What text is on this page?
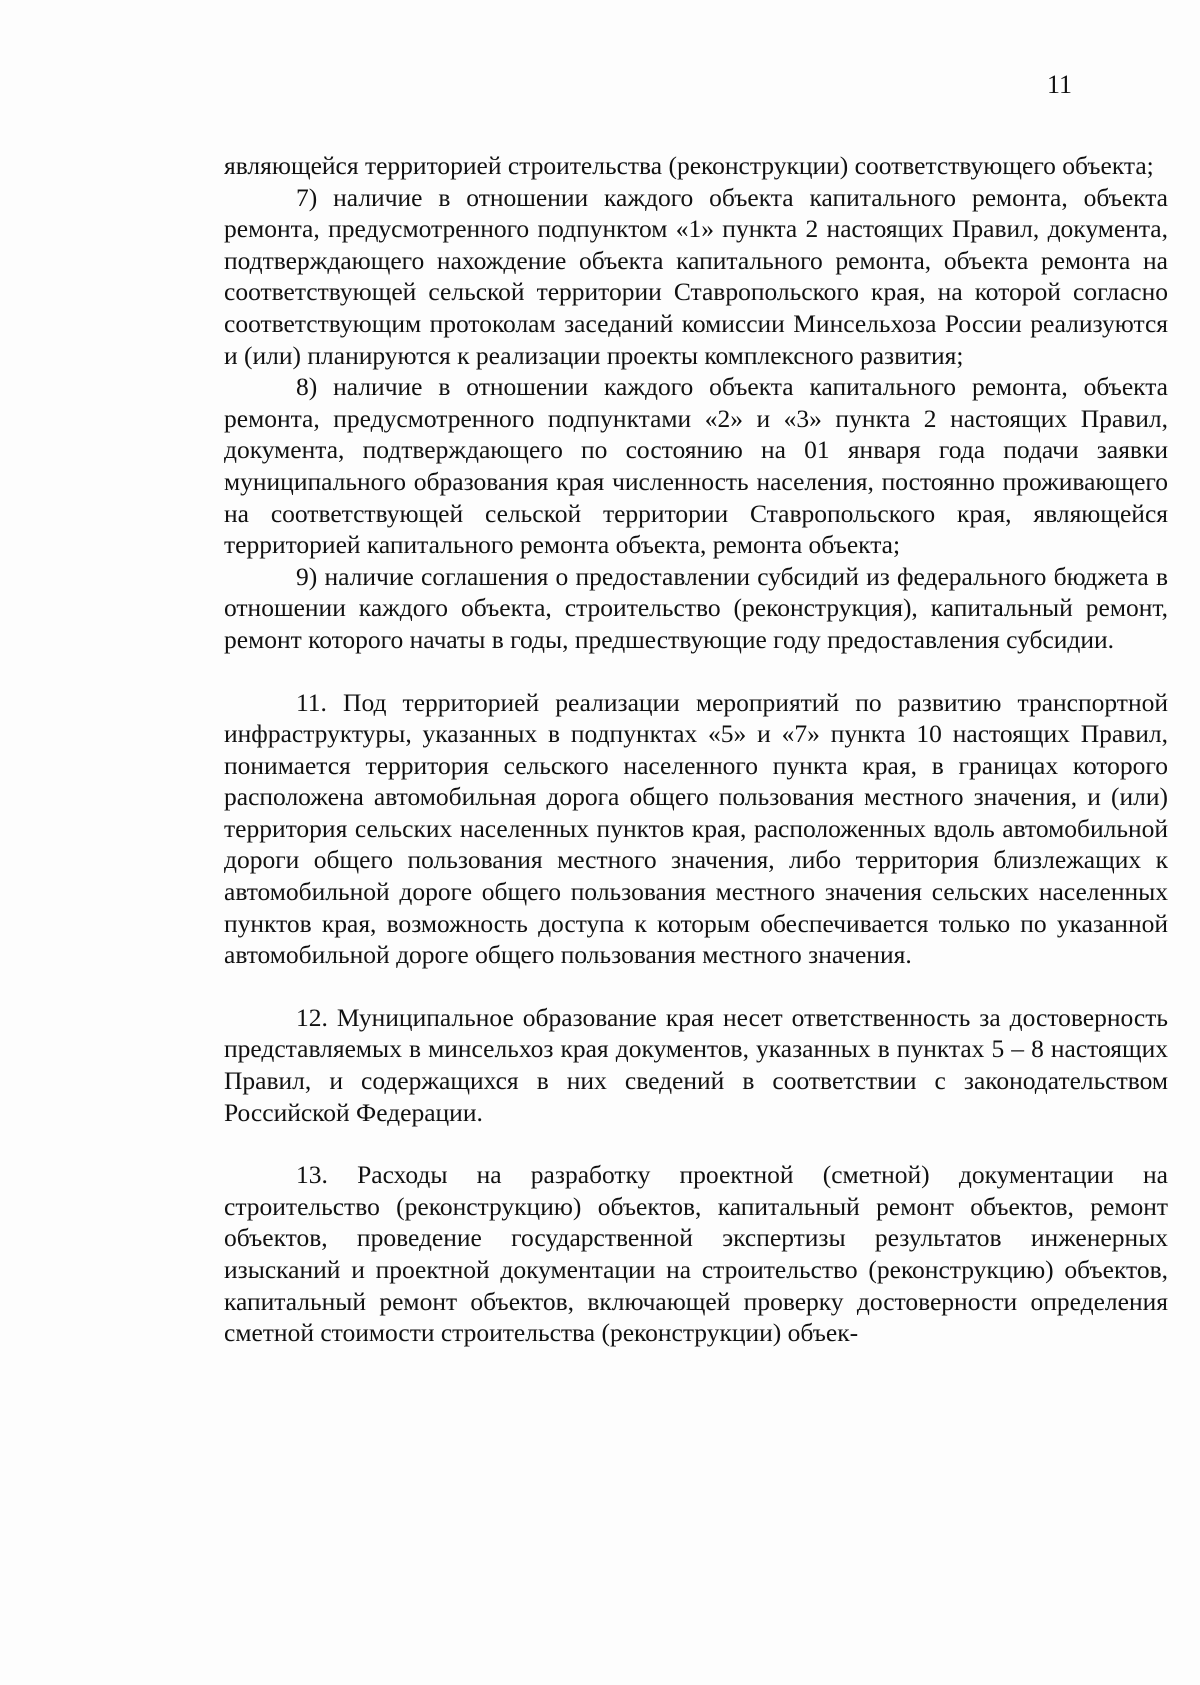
11

являющейся территорией строительства (реконструкции) соответствующего объекта;

7) наличие в отношении каждого объекта капитального ремонта, объекта ремонта, предусмотренного подпунктом «1» пункта 2 настоящих Правил, документа, подтверждающего нахождение объекта капитального ремонта, объекта ремонта на соответствующей сельской территории Ставропольского края, на которой согласно соответствующим протоколам заседаний комиссии Минсельхоза России реализуются и (или) планируются к реализации проекты комплексного развития;

8) наличие в отношении каждого объекта капитального ремонта, объекта ремонта, предусмотренного подпунктами «2» и «3» пункта 2 настоящих Правил, документа, подтверждающего по состоянию на 01 января года подачи заявки муниципального образования края численность населения, постоянно проживающего на соответствующей сельской территории Ставропольского края, являющейся территорией капитального ремонта объекта, ремонта объекта;

9) наличие соглашения о предоставлении субсидий из федерального бюджета в отношении каждого объекта, строительство (реконструкция), капитальный ремонт, ремонт которого начаты в годы, предшествующие году предоставления субсидии.

11. Под территорией реализации мероприятий по развитию транспортной инфраструктуры, указанных в подпунктах «5» и «7» пункта 10 настоящих Правил, понимается территория сельского населенного пункта края, в границах которого расположена автомобильная дорога общего пользования местного значения, и (или) территория сельских населенных пунктов края, расположенных вдоль автомобильной дороги общего пользования местного значения, либо территория близлежащих к автомобильной дороге общего пользования местного значения сельских населенных пунктов края, возможность доступа к которым обеспечивается только по указанной автомобильной дороге общего пользования местного значения.

12. Муниципальное образование края несет ответственность за достоверность представляемых в минсельхоз края документов, указанных в пунктах 5 – 8 настоящих Правил, и содержащихся в них сведений в соответствии с законодательством Российской Федерации.

13. Расходы на разработку проектной (сметной) документации на строительство (реконструкцию) объектов, капитальный ремонт объектов, ремонт объектов, проведение государственной экспертизы результатов инженерных изысканий и проектной документации на строительство (реконструкцию) объектов, капитальный ремонт объектов, включающей проверку достоверности определения сметной стоимости строительства (реконструкции) объек-
